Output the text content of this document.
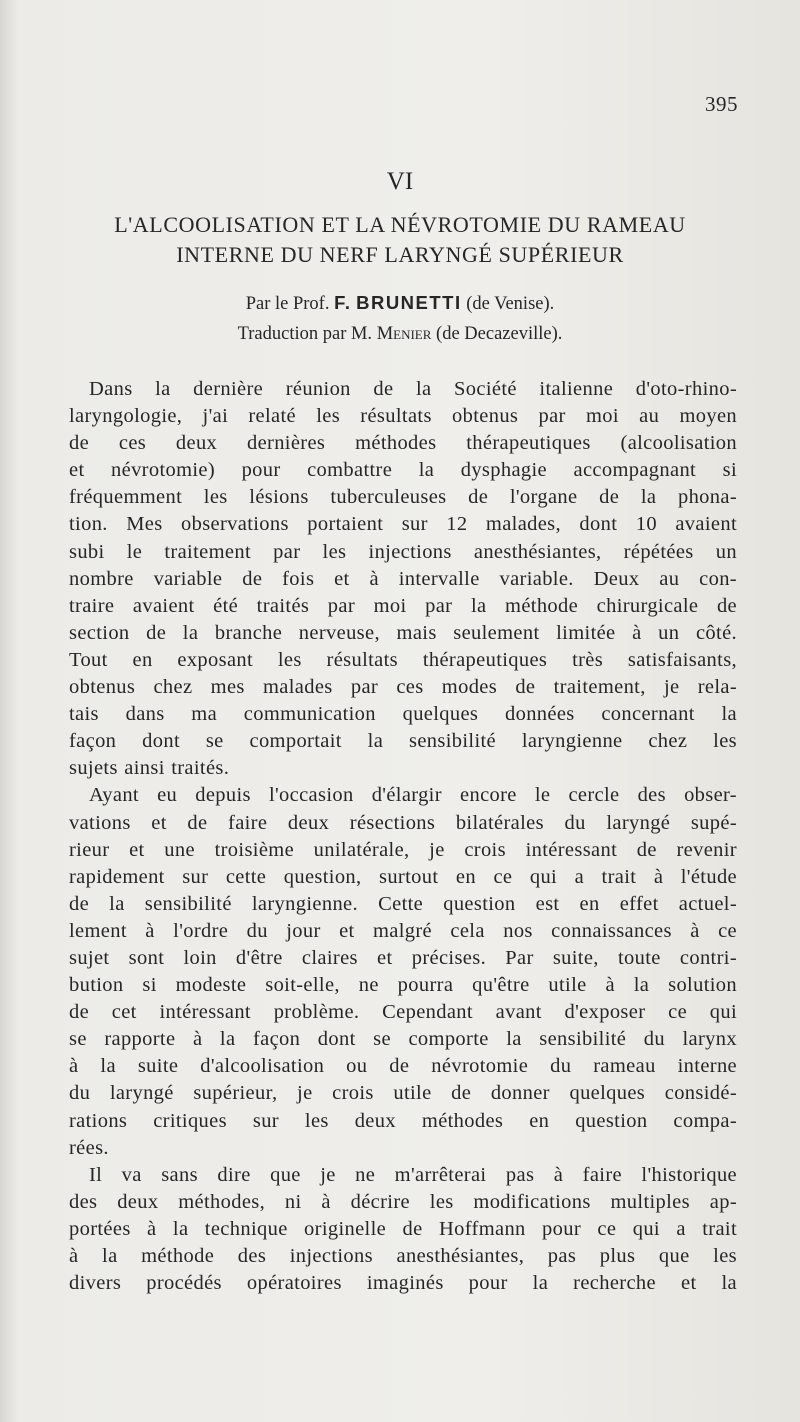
395
VI
L'ALCOOLISATION ET LA NÉVROTOMIE DU RAMEAU
INTERNE DU NERF LARYNGÉ SUPÉRIEUR
Par le Prof. F. BRUNETTI (de Venise).
Traduction par M. Menier (de Decazeville).

Dans la dernière réunion de la Société italienne d'oto-rhino-
laryngologie, j'ai relaté les résultats obtenus par moi au moyen
de ces deux dernières méthodes thérapeutiques (alcoolisation
et névrotomie) pour combattre la dysphagie accompagnant si
fréquemment les lésions tuberculeuses de l'organe de la phona-
tion. Mes observations portaient sur 12 malades, dont 10 avaient
subi le traitement par les injections anesthésiantes, répétées un
nombre variable de fois et à intervalle variable. Deux au con-
traire avaient été traités par moi par la méthode chirurgicale de
section de la branche nerveuse, mais seulement limitée à un côté.
Tout en exposant les résultats thérapeutiques très satisfaisants,
obtenus chez mes malades par ces modes de traitement, je rela-
tais dans ma communication quelques données concernant la
façon dont se comportait la sensibilité laryngienne chez les
sujets ainsi traités.

Ayant eu depuis l'occasion d'élargir encore le cercle des obser-
vations et de faire deux résections bilatérales du laryngé supé-
rieur et une troisième unilatérale, je crois intéressant de revenir
rapidement sur cette question, surtout en ce qui a trait à l'étude
de la sensibilité laryngienne. Cette question est en effet actuel-
lement à l'ordre du jour et malgré cela nos connaissances à ce
sujet sont loin d'être claires et précises. Par suite, toute contri-
bution si modeste soit-elle, ne pourra qu'être utile à la solution
de cet intéressant problème. Cependant avant d'exposer ce qui
se rapporte à la façon dont se comporte la sensibilité du larynx
à la suite d'alcoolisation ou de névrotomie du rameau interne
du laryngé supérieur, je crois utile de donner quelques considé-
rations critiques sur les deux méthodes en question compa-
rées.

Il va sans dire que je ne m'arrêterai pas à faire l'historique
des deux méthodes, ni à décrire les modifications multiples ap-
portées à la technique originelle de Hoffmann pour ce qui a trait
à la méthode des injections anesthésiantes, pas plus que les
divers procédés opératoires imaginés pour la recherche et la
